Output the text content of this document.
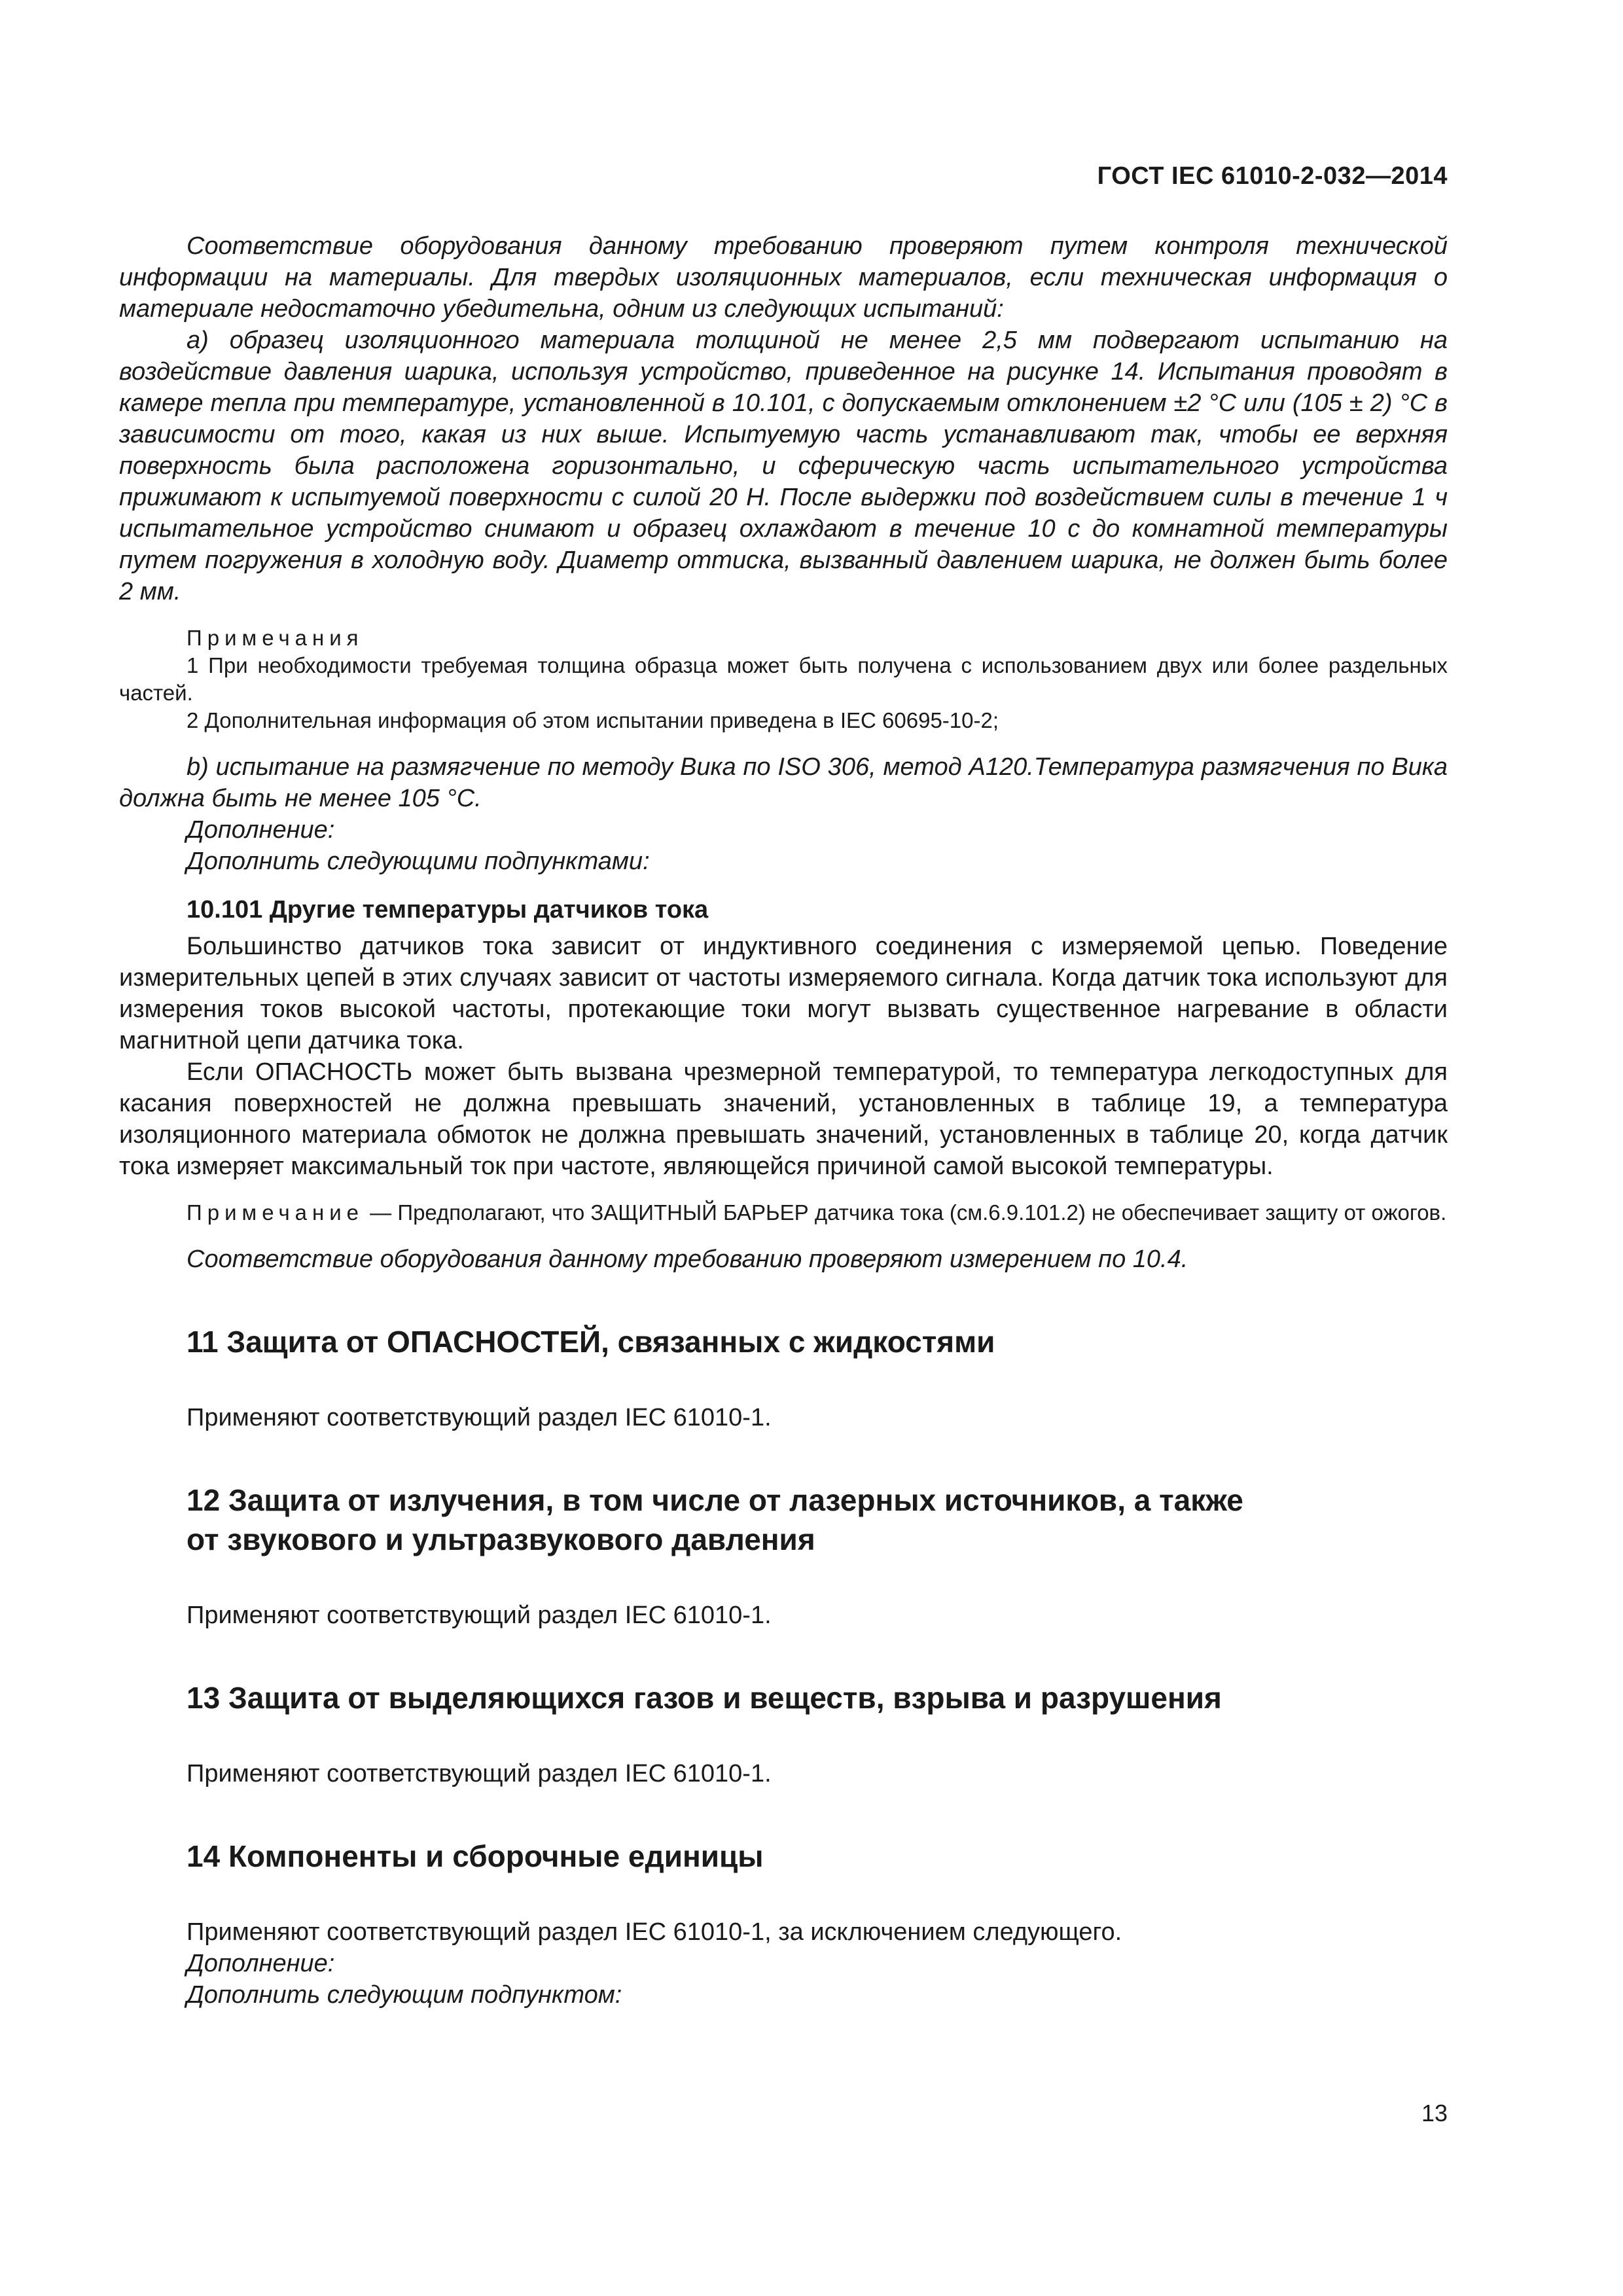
ГОСТ IEC 61010-2-032—2014

Соответствие оборудования данному требованию проверяют путем контроля технической информации на материалы. Для твердых изоляционных материалов, если техническая информация о материале недостаточно убедительна, одним из следующих испытаний:

a) образец изоляционного материала толщиной не менее 2,5 мм подвергают испытанию на воздействие давления шарика, используя устройство, приведенное на рисунке 14. Испытания проводят в камере тепла при температуре, установленной в 10.101, с допускаемым отклонением ±2 °С или (105 ± 2) °С в зависимости от того, какая из них выше. Испытуемую часть устанавливают так, чтобы ее верхняя поверхность была расположена горизонтально, и сферическую часть испытательного устройства прижимают к испытуемой поверхности с силой 20 Н. После выдержки под воздействием силы в течение 1 ч испытательное устройство снимают и образец охлаждают в течение 10 с до комнатной температуры путем погружения в холодную воду. Диаметр оттиска, вызванный давлением шарика, не должен быть более 2 мм.

Примечания

1 При необходимости требуемая толщина образца может быть получена с использованием двух или более раздельных частей.

2 Дополнительная информация об этом испытании приведена в IEC 60695-10-2;

b) испытание на размягчение по методу Вика по ISO 306, метод А120.Температура размягчения по Вика должна быть не менее 105 °С.

Дополнение:

Дополнить следующими подпунктами:

10.101 Другие температуры датчиков тока

Большинство датчиков тока зависит от индуктивного соединения с измеряемой цепью. Поведение измерительных цепей в этих случаях зависит от частоты измеряемого сигнала. Когда датчик тока используют для измерения токов высокой частоты, протекающие токи могут вызвать существенное нагревание в области магнитной цепи датчика тока.

Если ОПАСНОСТЬ может быть вызвана чрезмерной температурой, то температура легкодоступных для касания поверхностей не должна превышать значений, установленных в таблице 19, а температура изоляционного материала обмоток не должна превышать значений, установленных в таблице 20, когда датчик тока измеряет максимальный ток при частоте, являющейся причиной самой высокой температуры.

Примечание — Предполагают, что ЗАЩИТНЫЙ БАРЬЕР датчика тока (см.6.9.101.2) не обеспечивает защиту от ожогов.

Соответствие оборудования данному требованию проверяют измерением по 10.4.

11 Защита от ОПАСНОСТЕЙ, связанных с жидкостями

Применяют соответствующий раздел IEC 61010-1.

12 Защита от излучения, в том числе от лазерных источников, а также
от звукового и ультразвукового давления

Применяют соответствующий раздел IEC 61010-1.

13 Защита от выделяющихся газов и веществ, взрыва и разрушения

Применяют соответствующий раздел IEC 61010-1.

14 Компоненты и сборочные единицы

Применяют соответствующий раздел IEC 61010-1, за исключением следующего.

Дополнение:

Дополнить следующим подпунктом:

13
